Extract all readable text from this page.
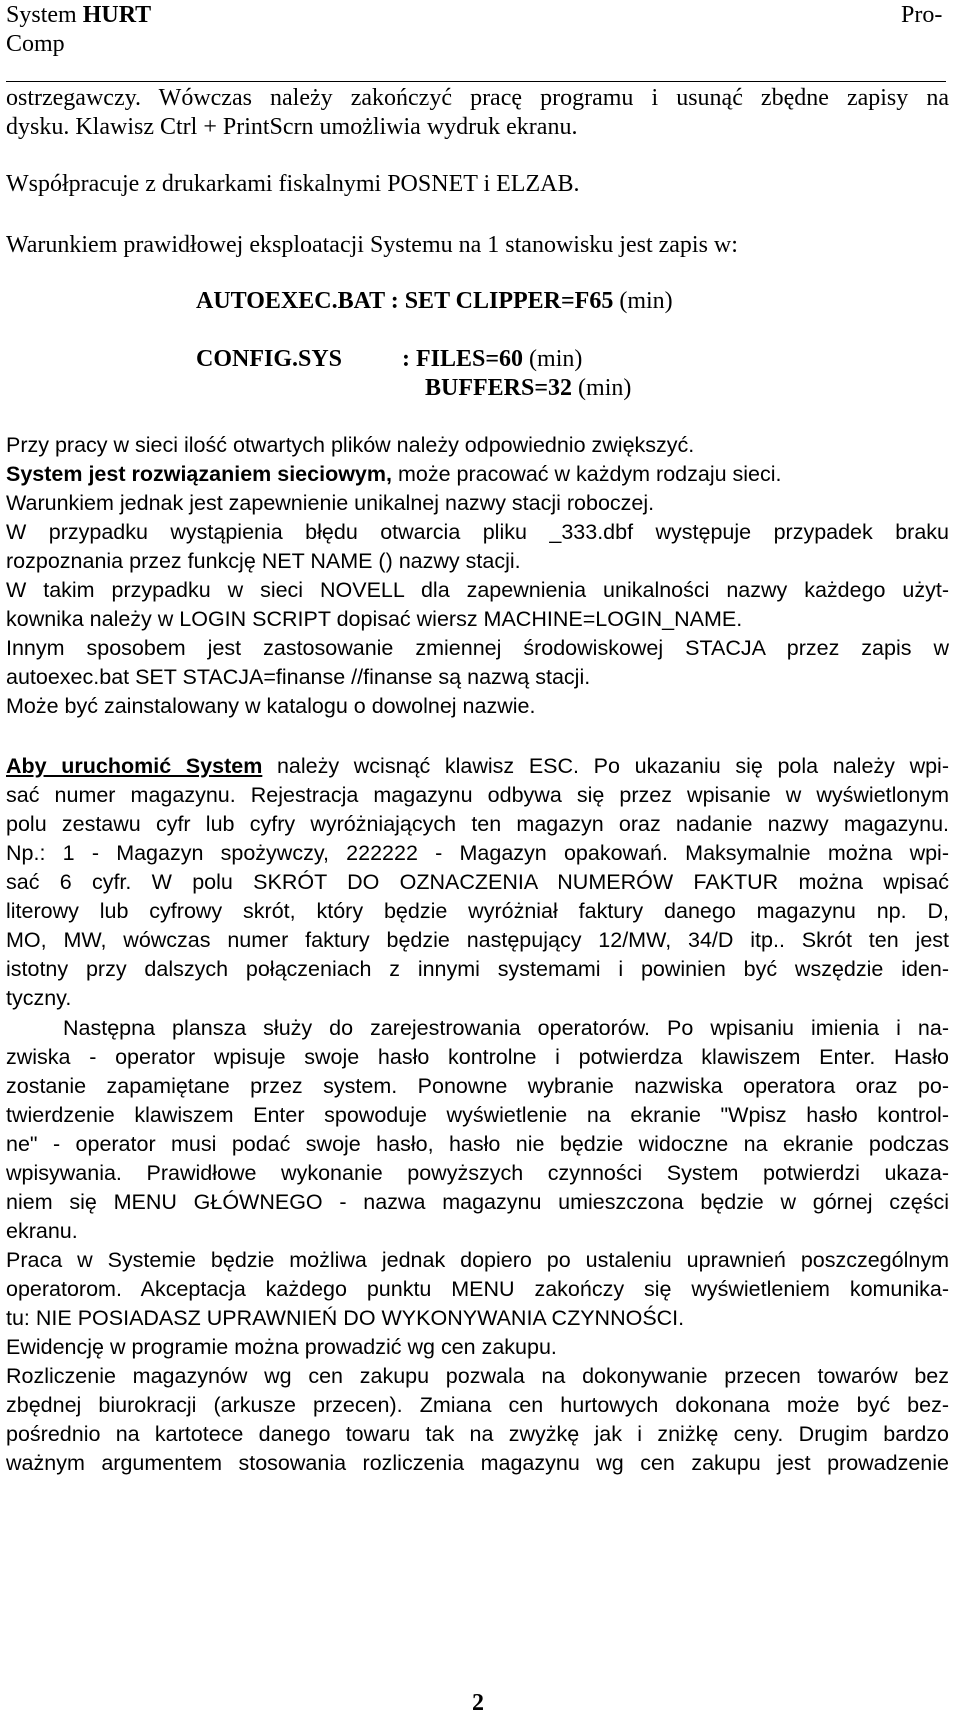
System HURT	Pro-
Comp
ostrzegawczy. Wówczas należy zakończyć pracę programu i usunąć zbędne zapisy na
dysku. Klawisz Ctrl + PrintScrn umożliwia wydruk ekranu.
Współpracuje z drukarkami fiskalnymi POSNET i ELZAB.
Warunkiem prawidłowej eksploatacji Systemu na 1 stanowisku jest zapis w:
AUTOEXEC.BAT : SET CLIPPER=F65 (min)
CONFIG.SYS : FILES=60 (min)
BUFFERS=32 (min)
Przy pracy w sieci ilość otwartych plików należy odpowiednio zwiększyć.
System jest rozwiązaniem sieciowym, może pracować w każdym rodzaju sieci.
Warunkiem jednak jest zapewnienie unikalnej nazwy stacji roboczej.
W przypadku wystąpienia błędu otwarcia pliku _333.dbf występuje przypadek braku
rozpoznania przez funkcję NET NAME () nazwy stacji.
W takim przypadku w sieci NOVELL dla zapewnienia unikalności nazwy każdego użyt-
kownika należy w LOGIN SCRIPT dopisać wiersz MACHINE=LOGIN_NAME.
Innym sposobem jest zastosowanie zmiennej środowiskowej STACJA przez zapis w
autoexec.bat SET STACJA=finanse //finanse są nazwą stacji.
Może być zainstalowany w katalogu o dowolnej nazwie.
Aby uruchomić System należy wcisnąć klawisz ESC. Po ukazaniu się pola należy wpi-
sać numer magazynu. Rejestracja magazynu odbywa się przez wpisanie w wyświetlonym
polu zestawu cyfr lub cyfry wyróżniających ten magazyn oraz nadanie nazwy magazynu.
Np.: 1 - Magazyn spożywczy, 222222 - Magazyn opakowań. Maksymalnie można wpi-
sać 6 cyfr. W polu SKRÓT DO OZNACZENIA NUMERÓW FAKTUR można wpisać
literowy lub cyfrowy skrót, który będzie wyróżniał faktury danego magazynu np. D,
MO, MW, wówczas numer faktury będzie następujący 12/MW, 34/D itp.. Skrót ten jest
istotny przy dalszych połączeniach z innymi systemami i powinien być wszędzie iden-
tyczny.
Następna plansza służy do zarejestrowania operatorów. Po wpisaniu imienia i na-
zwiska - operator wpisuje swoje hasło kontrolne i potwierdza klawiszem Enter. Hasło
zostanie zapamiętane przez system. Ponowne wybranie nazwiska operatora oraz po-
twierdzenie klawiszem Enter spowoduje wyświetlenie na ekranie "Wpisz hasło kontrol-
ne" - operator musi podać swoje hasło, hasło nie będzie widoczne na ekranie podczas
wpisywania. Prawidłowe wykonanie powyższych czynności System potwierdzi ukaza-
niem się MENU GŁÓWNEGO - nazwa magazynu umieszczona będzie w górnej części
ekranu.
Praca w Systemie będzie możliwa jednak dopiero po ustaleniu uprawnień poszczególnym
operatorom. Akceptacja każdego punktu MENU zakończy się wyświetleniem komunika-
tu: NIE POSIADASZ UPRAWNIEŃ DO WYKONYWANIA CZYNNOŚCI.
Ewidencję w programie można prowadzić wg cen zakupu.
Rozliczenie magazynów wg cen zakupu pozwala na dokonywanie przecen towarów bez
zbędnej biurokracji (arkusze przecen). Zmiana cen hurtowych dokonana może być bez-
pośrednio na kartotece danego towaru tak na zwyżkę jak i zniżkę ceny. Drugim bardzo
ważnym argumentem stosowania rozliczenia magazynu wg cen zakupu jest prowadzenie
2
